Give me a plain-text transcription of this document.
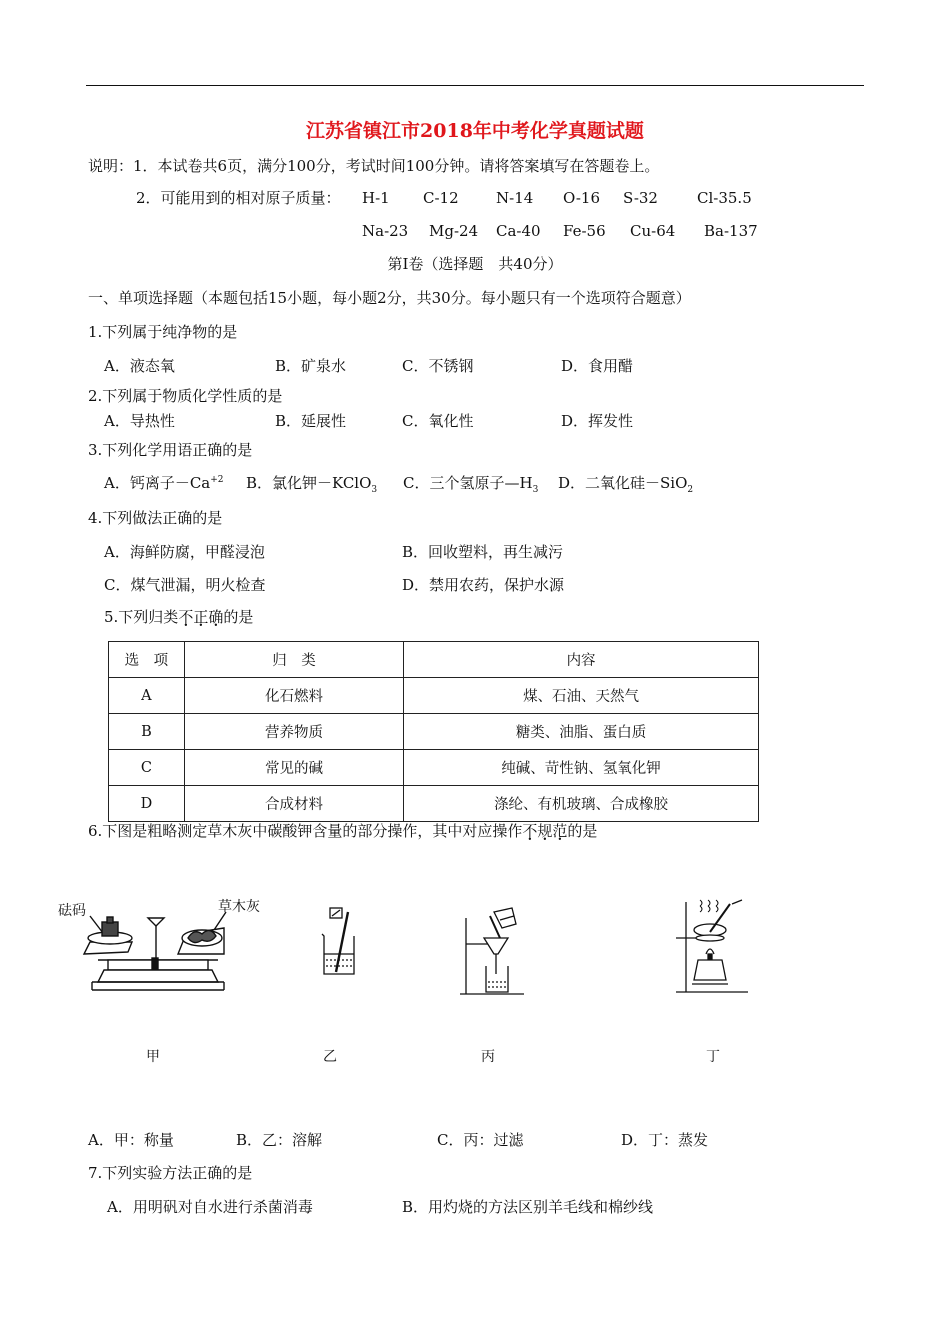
江苏省镇江市2018年中考化学真题试题
说明：1．本试卷共6页，满分100分，考试时间100分钟。请将答案填写在答题卷上。
2．可能用到的相对原子质量： H-1 C-12 N-14 O-16 S-32	Cl-35.5
Na-23 Mg-24 Ca-40 Fe-56 Cu-64 Ba-137
第Ⅰ卷（选择题　共40分）
一、单项选择题（本题包括15小题，每小题2分，共30分。每小题只有一个选项符合题意）
1.下列属于纯净物的是
A．液态氧	B．矿泉水	C．不锈钢	D．食用醋
2.下列属于物质化学性质的是
A．导热性	B．延展性	C．氧化性	D．挥发性
3.下列化学用语正确的是
A．钙离子$-Ca^{+2}$ B．氯化钾－KClO$_3$ C．三个氢原子$—H_3$ D．二氧化硅－SiO$_2$
4.下列做法正确的是
A．海鲜防腐，甲醛浸泡	B．回收塑料，再生减污
C．煤气泄漏，明火检查	D．禁用农药，保护水源
5.下列归类不正确的是
选　项	归　类	内容
A	化石燃料	煤、石油、天然气
B	营养物质	糖类、油脂、蛋白质
C	常见的碱	纯碱、苛性钠、氢氧化钾
D	合成材料	涤纶、有机玻璃、合成橡胶
6.下图是粗略测定草木灰中碳酸钾含量的部分操作，其中对应操作不规范的是
砝码	草木灰
甲	乙	丙	丁
A．甲：称量	B．乙：溶解	C．丙：过滤	D．丁：蒸发
7.下列实验方法正确的是
A．用明矾对自水进行杀菌消毒	B．用灼烧的方法区别羊毛线和棉纱线
